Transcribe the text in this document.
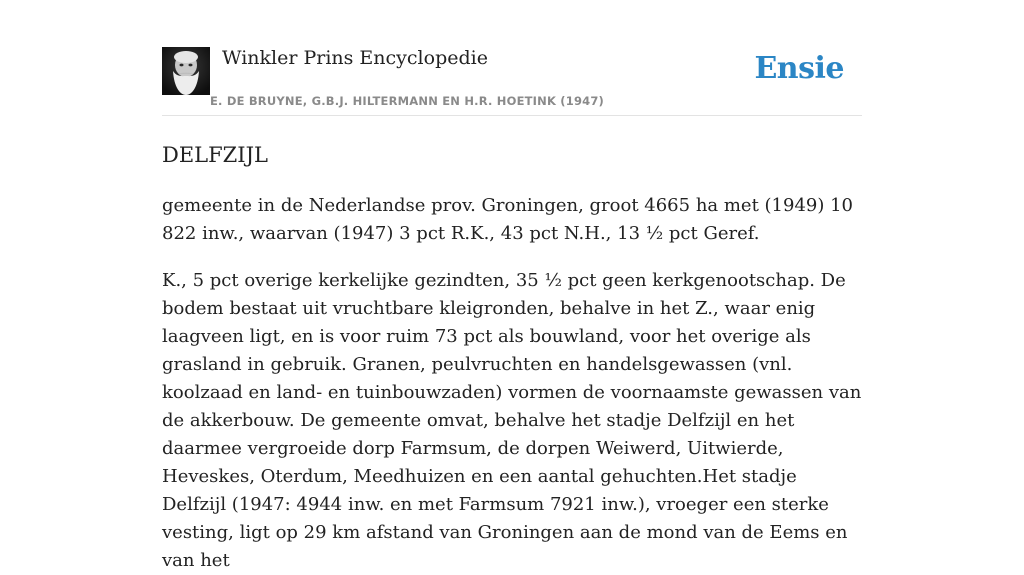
Winkler Prins Encyclopedie
E. DE BRUYNE, G.B.J. HILTERMANN EN H.R. HOETINK (1947)
Ensie
DELFZIJL

gemeente in de Nederlandse prov. Groningen, groot 4665 ha met (1949) 10 822 inw., waarvan (1947) 3 pct R.K., 43 pct N.H., 13 ½ pct Geref.

K., 5 pct overige kerkelijke gezindten, 35 ½ pct geen kerkgenootschap. De bodem bestaat uit vruchtbare kleigronden, behalve in het Z., waar enig laagveen ligt, en is voor ruim 73 pct als bouwland, voor het overige als grasland in gebruik. Granen, peulvruchten en handelsgewassen (vnl. koolzaad en land- en tuinbouwzaden) vormen de voornaamste gewassen van de akkerbouw. De gemeente omvat, behalve het stadje Delfzijl en het daarmee vergroeide dorp Farmsum, de dorpen Weiwerd, Uitwierde, Heveskes, Oterdum, Meedhuizen en een aantal gehuchten.Het stadje Delfzijl (1947: 4944 inw. en met Farmsum 7921 inw.), vroeger een sterke vesting, ligt op 29 km afstand van Groningen aan de mond van de Eems en van het
